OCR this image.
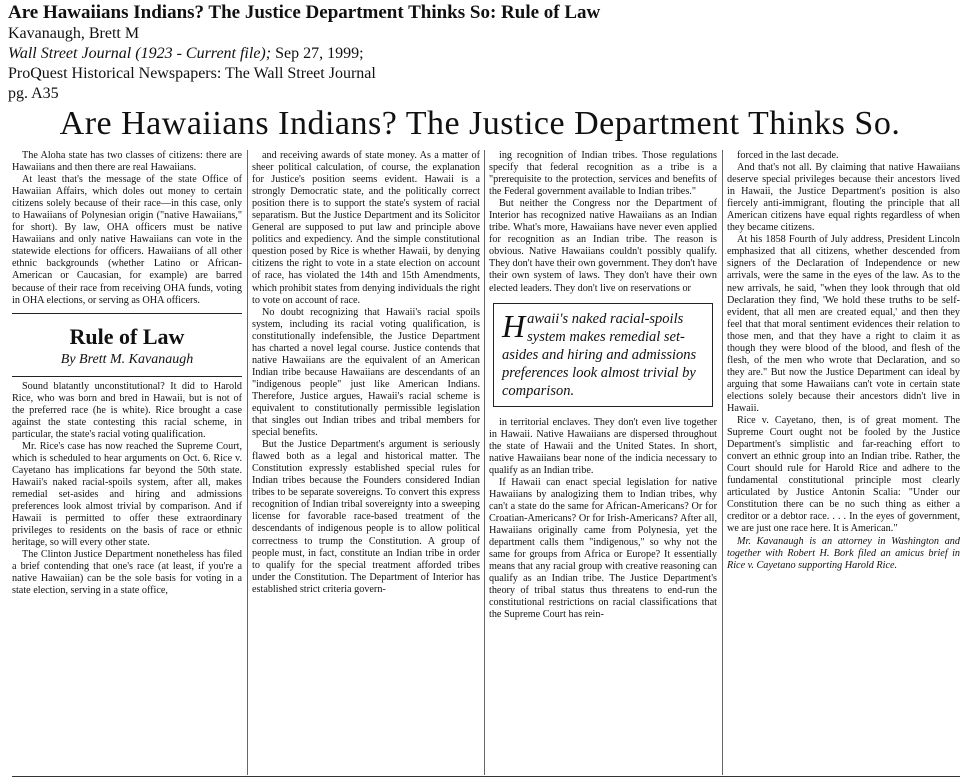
Are Hawaiians Indians? The Justice Department Thinks So: Rule of Law
Kavanaugh, Brett M
Wall Street Journal (1923 - Current file); Sep 27, 1999;
ProQuest Historical Newspapers: The Wall Street Journal
pg. A35
Are Hawaiians Indians? The Justice Department Thinks So.

The Aloha state has two classes of citizens: there are Hawaiians and then there are real Hawaiians.

At least that's the message of the state Office of Hawaiian Affairs, which doles out money to certain citizens solely because of their race—in this case, only to Hawaiians of Polynesian origin ("native Hawaiians," for short). By law, OHA officers must be native Hawaiians and only native Hawaiians can vote in the statewide elections for officers. Hawaiians of all other ethnic backgrounds (whether Latino or African-American or Caucasian, for example) are barred because of their race from receiving OHA funds, voting in OHA elections, or serving as OHA officers.

Rule of Law
By Brett M. Kavanaugh

Sound blatantly unconstitutional? It did to Harold Rice, who was born and bred in Hawaii, but is not of the preferred race (he is white). Rice brought a case against the state contesting this racial scheme, in particular, the state's racial voting qualification.

Mr. Rice's case has now reached the Supreme Court, which is scheduled to hear arguments on Oct. 6. Rice v. Cayetano has implications far beyond the 50th state. Hawaii's naked racial-spoils system, after all, makes remedial set-asides and hiring and admissions preferences look almost trivial by comparison. And if Hawaii is permitted to offer these extraordinary privileges to residents on the basis of race or ethnic heritage, so will every other state.

The Clinton Justice Department nonetheless has filed a brief contending that one's race (at least, if you're a native Hawaiian) can be the sole basis for voting in a state election, serving in a state office,

and receiving awards of state money. As a matter of sheer political calculation, of course, the explanation for Justice's position seems evident. Hawaii is a strongly Democratic state, and the politically correct position there is to support the state's system of racial separatism. But the Justice Department and its Solicitor General are supposed to put law and principle above politics and expediency. And the simple constitutional question posed by Rice is whether Hawaii, by denying citizens the right to vote in a state election on account of race, has violated the 14th and 15th Amendments, which prohibit states from denying individuals the right to vote on account of race.

No doubt recognizing that Hawaii's racial spoils system, including its racial voting qualification, is constitutionally indefensible, the Justice Department has charted a novel legal course. Justice contends that native Hawaiians are the equivalent of an American Indian tribe because Hawaiians are descendants of an "indigenous people" just like American Indians. Therefore, Justice argues, Hawaii's racial scheme is equivalent to constitutionally permissible legislation that singles out Indian tribes and tribal members for special benefits.

But the Justice Department's argument is seriously flawed both as a legal and historical matter. The Constitution expressly established special rules for Indian tribes because the Founders considered Indian tribes to be separate sovereigns. To convert this express recognition of Indian tribal sovereignty into a sweeping license for favorable race-based treatment of the descendants of indigenous people is to allow political correctness to trump the Constitution. A group of people must, in fact, constitute an Indian tribe in order to qualify for the special treatment afforded tribes under the Constitution. The Department of Interior has established strict criteria govern-

ing recognition of Indian tribes. Those regulations specify that federal recognition as a tribe is a "prerequisite to the protection, services and benefits of the Federal government available to Indian tribes."

But neither the Congress nor the Department of Interior has recognized native Hawaiians as an Indian tribe. What's more, Hawaiians have never even applied for recognition as an Indian tribe. The reason is obvious. Native Hawaiians couldn't possibly qualify. They don't have their own government. They don't have their own system of laws. They don't have their own elected leaders. They don't live on reservations or

Hawaii's naked racial-spoils system makes remedial set-asides and hiring and admissions preferences look almost trivial by comparison.

in territorial enclaves. They don't even live together in Hawaii. Native Hawaiians are dispersed throughout the state of Hawaii and the United States. In short, native Hawaiians bear none of the indicia necessary to qualify as an Indian tribe.

If Hawaii can enact special legislation for native Hawaiians by analogizing them to Indian tribes, why can't a state do the same for African-Americans? Or for Croatian-Americans? Or for Irish-Americans? After all, Hawaiians originally came from Polynesia, yet the department calls them "indigenous," so why not the same for groups from Africa or Europe? It essentially means that any racial group with creative reasoning can qualify as an Indian tribe. The Justice Department's theory of tribal status thus threatens to end-run the constitutional restrictions on racial classifications that the Supreme Court has rein-

forced in the last decade.

And that's not all. By claiming that native Hawaiians deserve special privileges because their ancestors lived in Hawaii, the Justice Department's position is also fiercely anti-immigrant, flouting the principle that all American citizens have equal rights regardless of when they became citizens.

At his 1858 Fourth of July address, President Lincoln emphasized that all citizens, whether descended from signers of the Declaration of Independence or new arrivals, were the same in the eyes of the law. As to the new arrivals, he said, "when they look through that old Declaration they find, 'We hold these truths to be self-evident, that all men are created equal,' and then they feel that that moral sentiment evidences their relation to those men, and that they have a right to claim it as though they were blood of the blood, and flesh of the flesh, of the men who wrote that Declaration, and so they are." But now the Justice Department can ideal by arguing that some Hawaiians can't vote in certain state elections solely because their ancestors didn't live in Hawaii.

Rice v. Cayetano, then, is of great moment. The Supreme Court ought not be fooled by the Justice Department's simplistic and far-reaching effort to convert an ethnic group into an Indian tribe. Rather, the Court should rule for Harold Rice and adhere to the fundamental constitutional principle most clearly articulated by Justice Antonin Scalia: "Under our Constitution there can be no such thing as either a creditor or a debtor race. . . . In the eyes of government, we are just one race here. It is American."

Mr. Kavanaugh is an attorney in Washington and together with Robert H. Bork filed an amicus brief in Rice v. Cayetano supporting Harold Rice.
